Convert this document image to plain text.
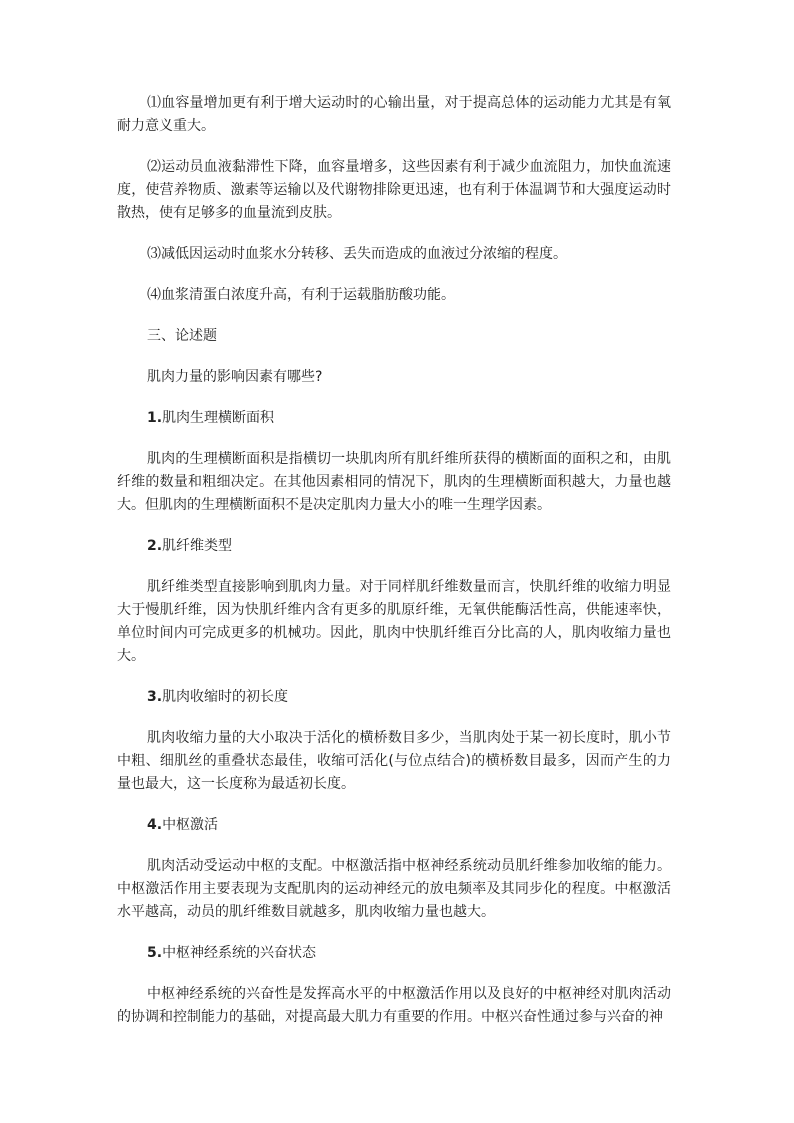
⑴血容量增加更有利于增大运动时的心输出量，对于提高总体的运动能力尤其是有氧耐力意义重大。

⑵运动员血液黏滞性下降，血容量增多，这些因素有利于减少血流阻力，加快血流速度，使营养物质、激素等运输以及代谢物排除更迅速，也有利于体温调节和大强度运动时散热，使有足够多的血量流到皮肤。

⑶减低因运动时血浆水分转移、丢失而造成的血液过分浓缩的程度。

⑷血浆清蛋白浓度升高，有利于运载脂肪酸功能。

三、论述题

肌肉力量的影响因素有哪些?

1.肌肉生理横断面积

肌肉的生理横断面积是指横切一块肌肉所有肌纤维所获得的横断面的面积之和，由肌纤维的数量和粗细决定。在其他因素相同的情况下，肌肉的生理横断面积越大，力量也越大。但肌肉的生理横断面积不是决定肌肉力量大小的唯一生理学因素。

2.肌纤维类型

肌纤维类型直接影响到肌肉力量。对于同样肌纤维数量而言，快肌纤维的收缩力明显大于慢肌纤维，因为快肌纤维内含有更多的肌原纤维，无氧供能酶活性高，供能速率快，单位时间内可完成更多的机械功。因此，肌肉中快肌纤维百分比高的人，肌肉收缩力量也大。

3.肌肉收缩时的初长度

肌肉收缩力量的大小取决于活化的横桥数目多少，当肌肉处于某一初长度时，肌小节中粗、细肌丝的重叠状态最佳，收缩可活化(与位点结合)的横桥数目最多，因而产生的力量也最大，这一长度称为最适初长度。

4.中枢激活

肌肉活动受运动中枢的支配。中枢激活指中枢神经系统动员肌纤维参加收缩的能力。中枢激活作用主要表现为支配肌肉的运动神经元的放电频率及其同步化的程度。中枢激活水平越高，动员的肌纤维数目就越多，肌肉收缩力量也越大。

5.中枢神经系统的兴奋状态

中枢神经系统的兴奋性是发挥高水平的中枢激活作用以及良好的中枢神经对肌肉活动的协调和控制能力的基础，对提高最大肌力有重要的作用。中枢兴奋性通过参与兴奋的神
